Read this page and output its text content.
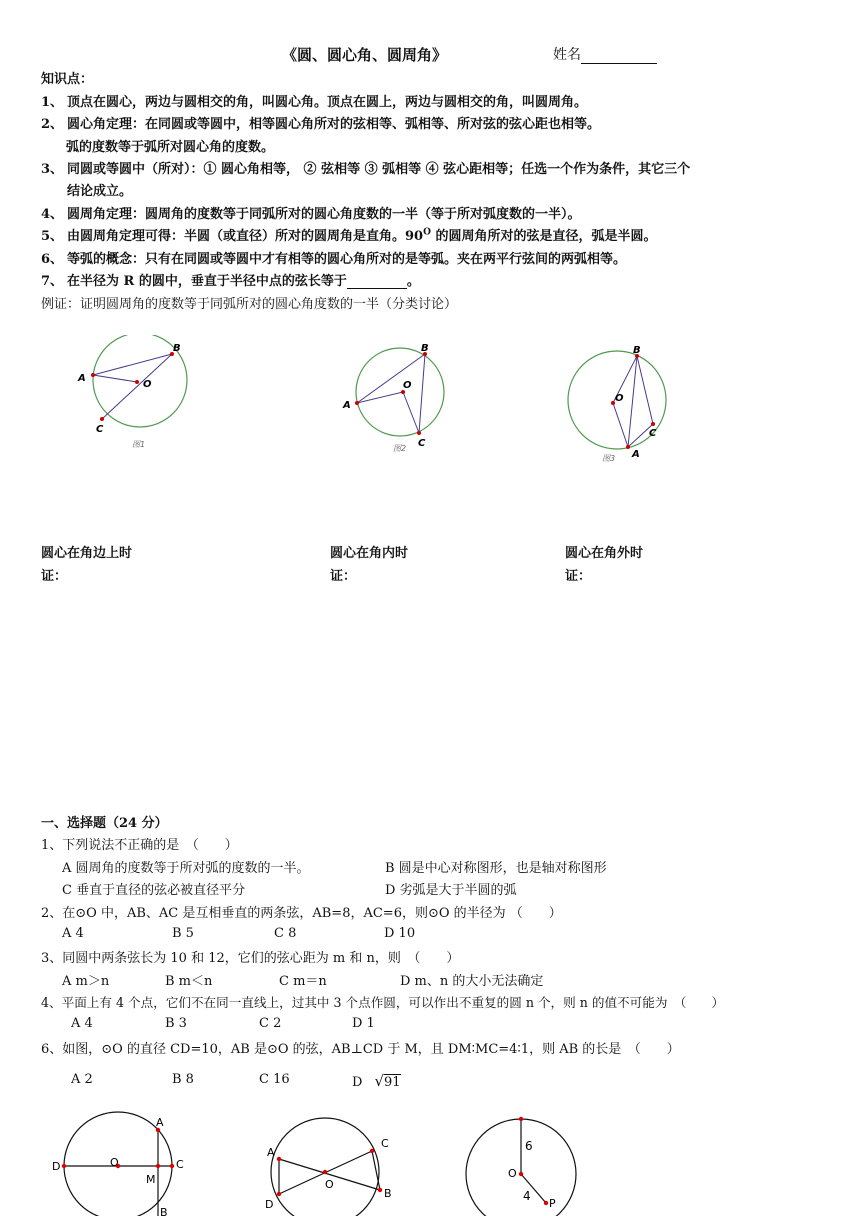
《圆、圆心角、圆周角》	姓名
知识点：
1、 顶点在圆心，两边与圆相交的角，叫圆心角。顶点在圆上，两边与圆相交的角，叫圆周角。
2、 圆心角定理：在同圆或等圆中，相等圆心角所对的弦相等、弧相等、所对弦的弦心距也相等。
弧的度数等于弧所对圆心角的度数。
3、 同圆或等圆中（所对）：① 圆心角相等， ② 弦相等 ③ 弧相等 ④ 弦心距相等；任选一个作为条件，其它三个
结论成立。
4、 圆周角定理：圆周角的度数等于同弧所对的圆心角度数的一半（等于所对弧度数的一半）。
5、 由圆周角定理可得：半圆（或直径）所对的圆周角是直角。$90^O$ 的圆周角所对的弦是直径，弧是半圆。
6、 等弧的概念：只有在同圆或等圆中才有相等的圆心角所对的是等弧。夹在两平行弦间的两弧相等。
7、 在半径为 R 的圆中，垂直于半径中点的弦长等于	。
例证：证明圆周角的度数等于同弧所对的圆心角度数的一半（分类讨论）
A
B
O
C
图1
A
B
O
C
图2
B
O
C
A
图3
圆心在角边上时
证：
圆心在角内时
证：
圆心在角外时
证：
一、选择题（24 分）
1、下列说法不正确的是　（　　）
A 圆周角的度数等于所对弧的度数的一半。	B 圆是中心对称图形，也是轴对称图形
C 垂直于直径的弦必被直径平分	D 劣弧是大于半圆的弧
2、在⊙O 中，AB、AC 是互相垂直的两条弦，AB=8，AC=6，则⊙O 的半径为 （　　）
A 4	B 5	C 8	D 10
3、同圆中两条弦长为 10 和 12，它们的弦心距为 m 和 n，则　（　　）
A m＞n	B m＜n	C m＝n	D m、n 的大小无法确定
4、平面上有 4 个点，它们不在同一直线上，过其中 3 个点作圆，可以作出不重复的圆 n 个，则 n 的值不可能为　（　　）
A 4	B 3	C 2	D 1
6、如图，⊙O 的直径 CD=10，AB 是⊙O 的弦，AB⊥CD 于 M，且 DM∶MC=4∶1，则 AB 的长是　（　　）
A 2	B 8	C 16	D √91
D	O
M
C
A
B
A
C
O
D
B
O
6
4
P
